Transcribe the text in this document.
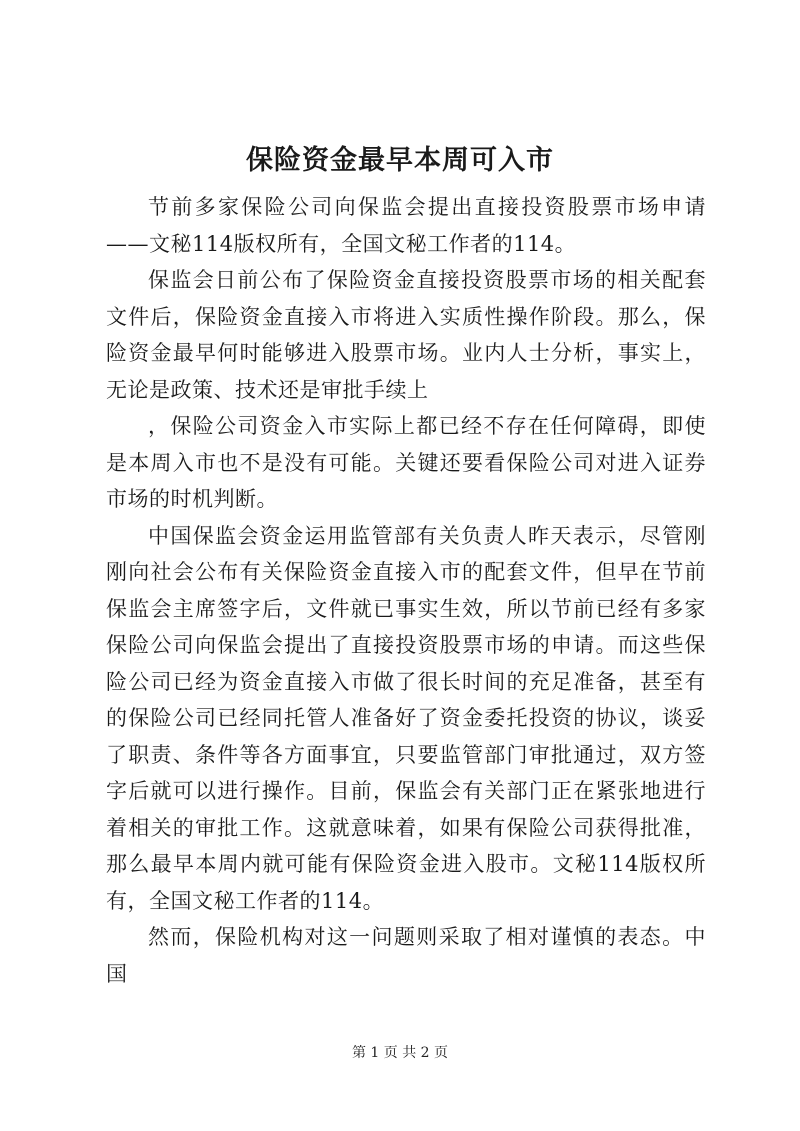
保险资金最早本周可入市

节前多家保险公司向保监会提出直接投资股票市场申请——文秘114版权所有，全国文秘工作者的114。

保监会日前公布了保险资金直接投资股票市场的相关配套文件后，保险资金直接入市将进入实质性操作阶段。那么，保险资金最早何时能够进入股票市场。业内人士分析，事实上，无论是政策、技术还是审批手续上

，保险公司资金入市实际上都已经不存在任何障碍，即使是本周入市也不是没有可能。关键还要看保险公司对进入证券市场的时机判断。

中国保监会资金运用监管部有关负责人昨天表示，尽管刚刚向社会公布有关保险资金直接入市的配套文件，但早在节前保监会主席签字后，文件就已事实生效，所以节前已经有多家保险公司向保监会提出了直接投资股票市场的申请。而这些保险公司已经为资金直接入市做了很长时间的充足准备，甚至有的保险公司已经同托管人准备好了资金委托投资的协议，谈妥了职责、条件等各方面事宜，只要监管部门审批通过，双方签字后就可以进行操作。目前，保监会有关部门正在紧张地进行着相关的审批工作。这就意味着，如果有保险公司获得批准，那么最早本周内就可能有保险资金进入股市。文秘114版权所有，全国文秘工作者的114。

然而，保险机构对这一问题则采取了相对谨慎的表态。中国

第 1 页 共 2 页
